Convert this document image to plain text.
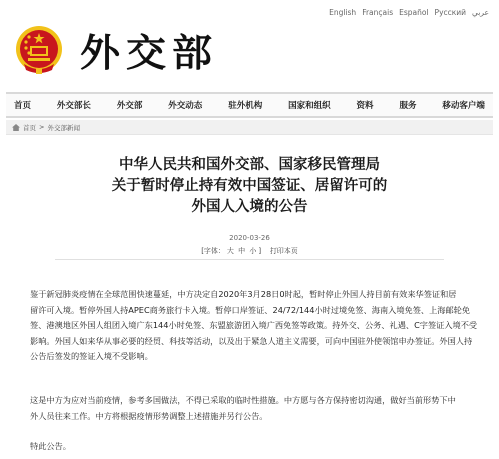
English Français Español Русский عربي
外交部
首页	外交部长	外交部	外交动态	驻外机构	国家和组织	资料	服务	移动客户端
首页 > 外交部新闻
中华人民共和国外交部、国家移民管理局
关于暂时停止持有效中国签证、居留许可的
外国人入境的公告
2020-03-26
[字体： 大 中 小 ] 打印本页
鉴于新冠肺炎疫情在全球范围快速蔓延，中方决定自2020年3月28日0时起，暂时停止外国人持目前有效来华签证和居
留许可入境。暂停外国人持APEC商务旅行卡入境。暂停口岸签证、24/72/144小时过境免签、海南入境免签、上海邮轮免
签、港澳地区外国人组团入境广东144小时免签、东盟旅游团入境广西免签等政策。持外交、公务、礼遇、C字签证入境不受
影响。外国人如来华从事必要的经贸、科技等活动，以及出于紧急人道主义需要，可向中国驻外使领馆申办签证。外国人持
公告后签发的签证入境不受影响。
这是中方为应对当前疫情，参考多国做法，不得已采取的临时性措施。中方愿与各方保持密切沟通，做好当前形势下中
外人员往来工作。中方将根据疫情形势调整上述措施并另行公告。
特此公告。
